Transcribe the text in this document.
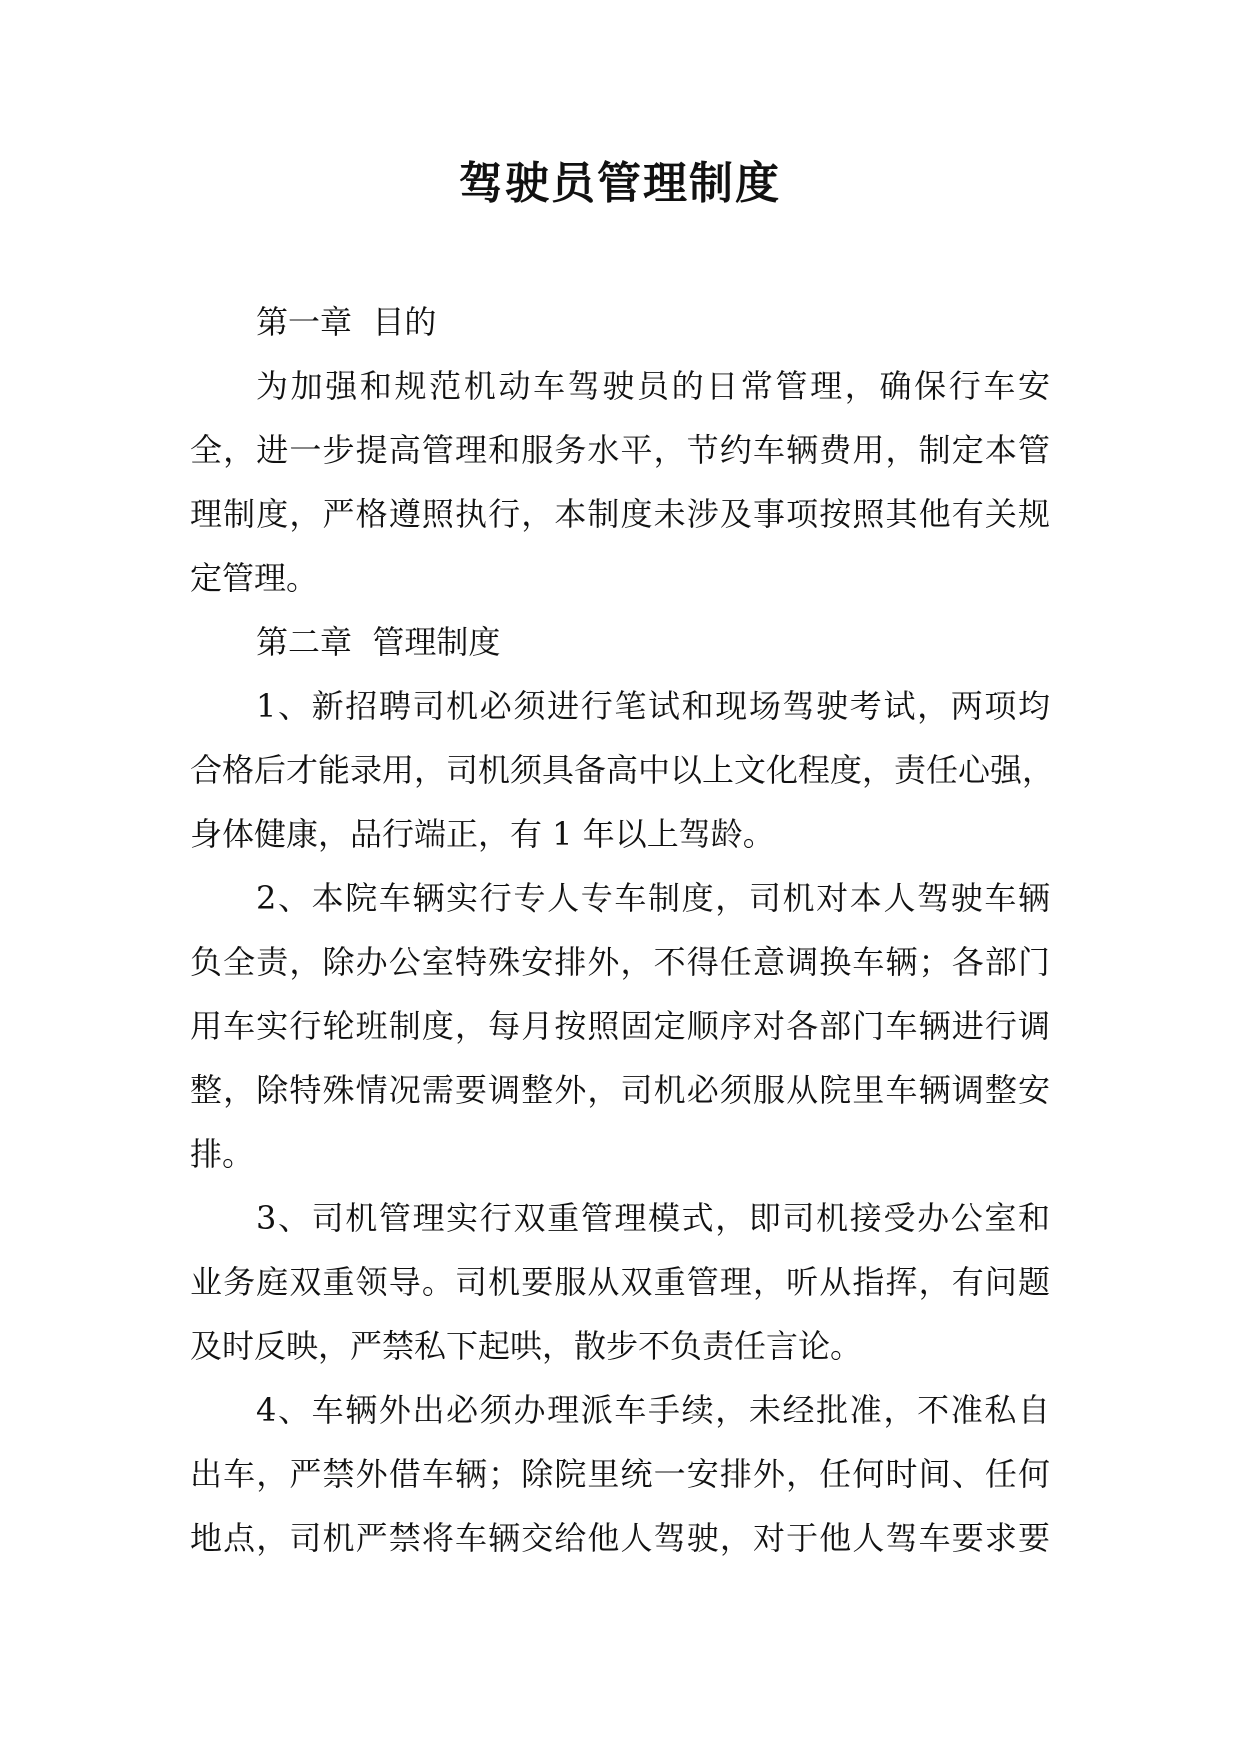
驾驶员管理制度
第一章  目的
为加强和规范机动车驾驶员的日常管理，确保行车安
全，进一步提高管理和服务水平，节约车辆费用，制定本管
理制度，严格遵照执行，本制度未涉及事项按照其他有关规
定管理。
第二章  管理制度
1、新招聘司机必须进行笔试和现场驾驶考试，两项均
合格后才能录用，司机须具备高中以上文化程度，责任心强，
身体健康，品行端正，有 1 年以上驾龄。
2、本院车辆实行专人专车制度，司机对本人驾驶车辆
负全责，除办公室特殊安排外，不得任意调换车辆；各部门
用车实行轮班制度，每月按照固定顺序对各部门车辆进行调
整，除特殊情况需要调整外，司机必须服从院里车辆调整安
排。
3、司机管理实行双重管理模式，即司机接受办公室和
业务庭双重领导。司机要服从双重管理，听从指挥，有问题
及时反映，严禁私下起哄，散步不负责任言论。
4、车辆外出必须办理派车手续，未经批准，不准私自
出车，严禁外借车辆；除院里统一安排外，任何时间、任何
地点，司机严禁将车辆交给他人驾驶，对于他人驾车要求要
